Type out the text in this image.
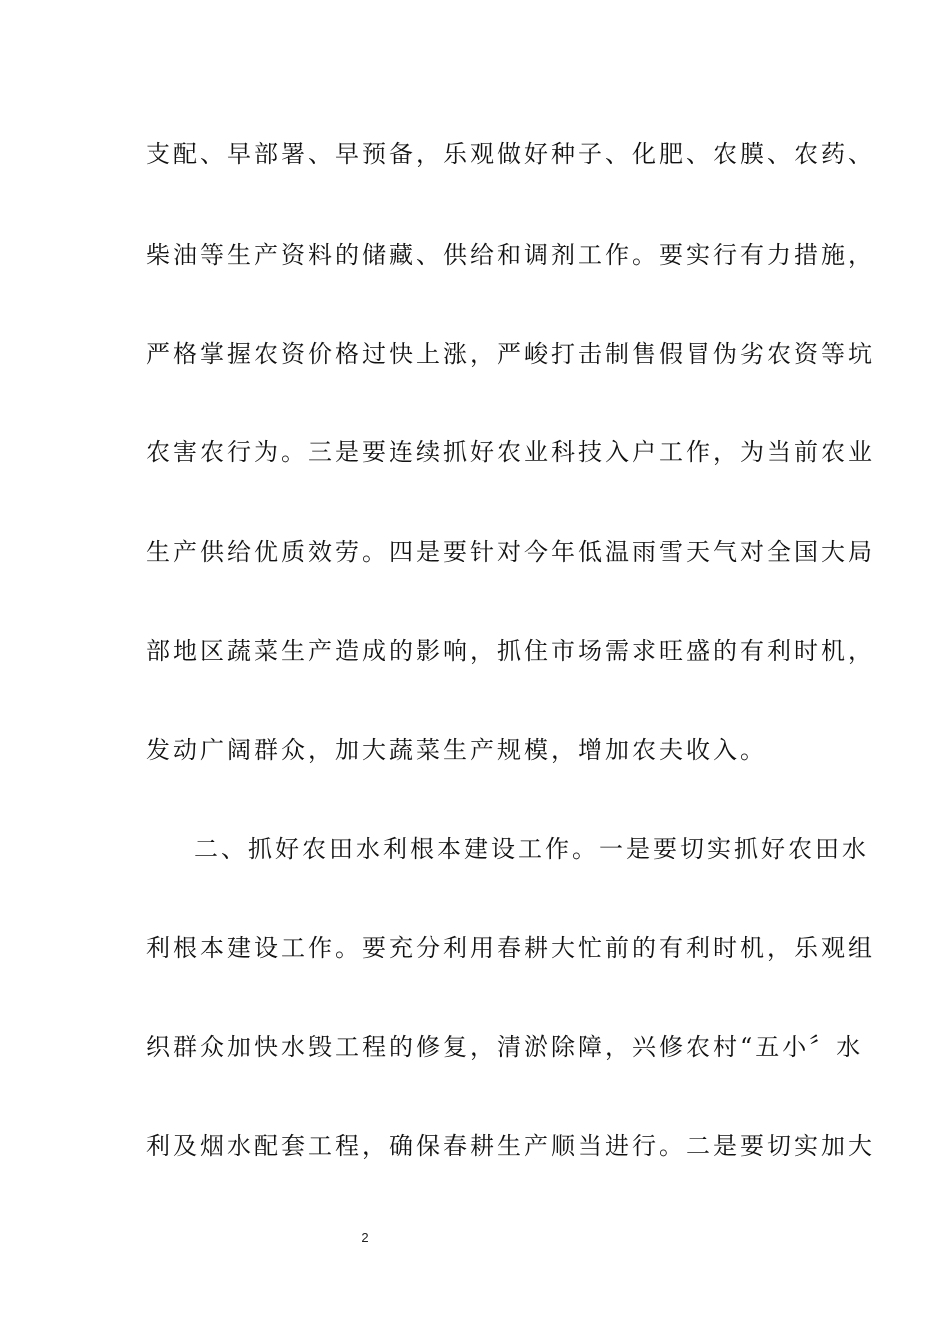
支配、早部署、早预备，乐观做好种子、化肥、农膜、农药、
柴油等生产资料的储藏、供给和调剂工作。要实行有力措施，
严格掌握农资价格过快上涨，严峻打击制售假冒伪劣农资等坑
农害农行为。三是要连续抓好农业科技入户工作，为当前农业
生产供给优质效劳。四是要针对今年低温雨雪天气对全国大局
部地区蔬菜生产造成的影响，抓住市场需求旺盛的有利时机，
发动广阔群众，加大蔬菜生产规模，增加农夫收入。
二、抓好农田水利根本建设工作。一是要切实抓好农田水
利根本建设工作。要充分利用春耕大忙前的有利时机，乐观组
织群众加快水毁工程的修复，清淤除障，兴修农村“五小〞水
利及烟水配套工程，确保春耕生产顺当进行。二是要切实加大
2
